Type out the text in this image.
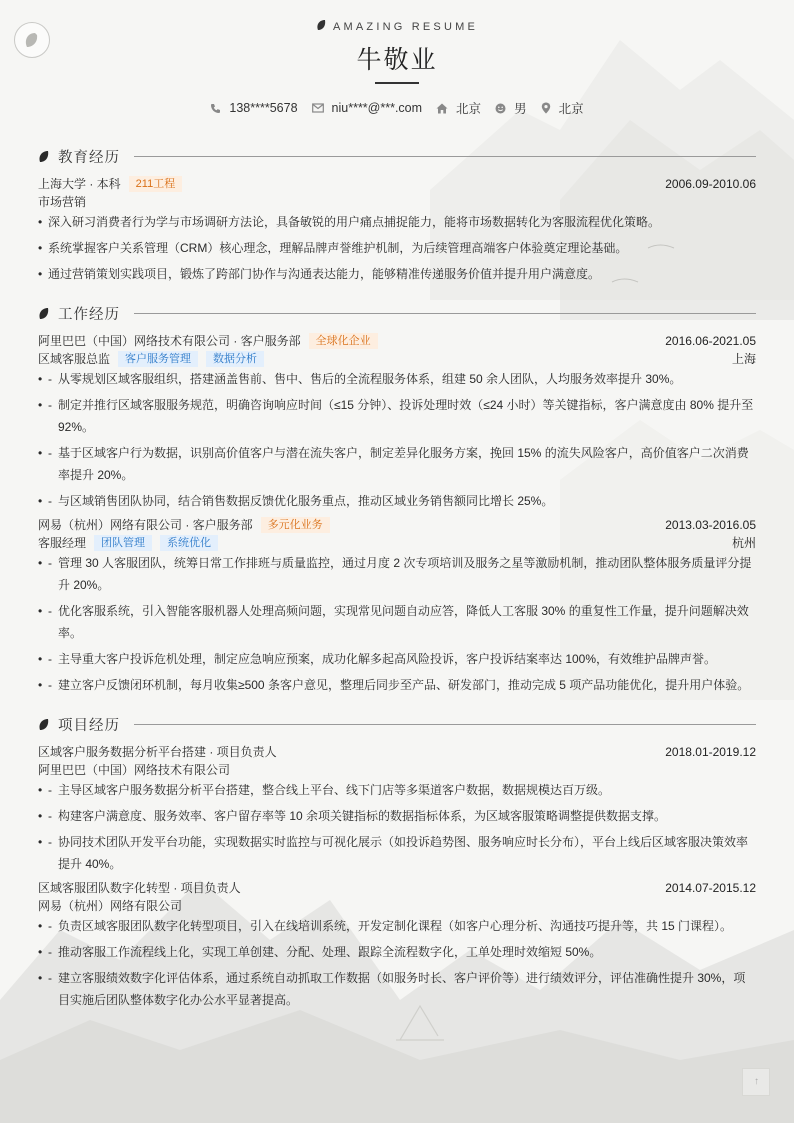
AMAZING RESUME
牛敬业
138****5678	niu****@***.com	北京	男	北京
教育经历
上海大学 · 本科	211工程	2006.09-2010.06
市场营销
• 深入研习消费者行为学与市场调研方法论，具备敏锐的用户痛点捕捉能力，能将市场数据转化为客服流程优化策略。
• 系统掌握客户关系管理（CRM）核心理念，理解品牌声誉维护机制，为后续管理高端客户体验奠定理论基础。
• 通过营销策划实践项目，锻炼了跨部门协作与沟通表达能力，能够精准传递服务价值并提升用户满意度。
工作经历
阿里巴巴（中国）网络技术有限公司 · 客户服务部	全球化企业	2016.06-2021.05
区域客服总监	客户服务管理	数据分析	上海
• - 从零规划区域客服组织，搭建涵盖售前、售中、售后的全流程服务体系，组建 50 余人团队，人均服务效率提升 30%。
• - 制定并推行区域客服服务规范，明确咨询响应时间（≤15 分钟）、投诉处理时效（≤24 小时）等关键指标，客户满意度由 80% 提升至 92%。
• - 基于区域客户行为数据，识别高价值客户与潜在流失客户，制定差异化服务方案，挽回 15% 的流失风险客户，高价值客户二次消费率提升 20%。
• - 与区域销售团队协同，结合销售数据反馈优化服务重点，推动区域业务销售额同比增长 25%。
网易（杭州）网络有限公司 · 客户服务部	多元化业务	2013.03-2016.05
客服经理	团队管理	系统优化	杭州
• - 管理 30 人客服团队，统筹日常工作排班与质量监控，通过月度 2 次专项培训及服务之星等激励机制，推动团队整体服务质量评分提升 20%。
• - 优化客服系统，引入智能客服机器人处理高频问题，实现常见问题自动应答，降低人工客服 30% 的重复性工作量，提升问题解决效率。
• - 主导重大客户投诉危机处理，制定应急响应预案，成功化解多起高风险投诉，客户投诉结案率达 100%，有效维护品牌声誉。
• - 建立客户反馈闭环机制，每月收集≥500 条客户意见，整理后同步至产品、研发部门，推动完成 5 项产品功能优化，提升用户体验。
项目经历
区域客户服务数据分析平台搭建 · 项目负责人	2018.01-2019.12
阿里巴巴（中国）网络技术有限公司
• - 主导区域客户服务数据分析平台搭建，整合线上平台、线下门店等多渠道客户数据，数据规模达百万级。
• - 构建客户满意度、服务效率、客户留存率等 10 余项关键指标的数据指标体系，为区域客服策略调整提供数据支撑。
• - 协同技术团队开发平台功能，实现数据实时监控与可视化展示（如投诉趋势图、服务响应时长分布），平台上线后区域客服决策效率提升 40%。
区域客服团队数字化转型 · 项目负责人	2014.07-2015.12
网易（杭州）网络有限公司
• - 负责区域客服团队数字化转型项目，引入在线培训系统，开发定制化课程（如客户心理分析、沟通技巧提升等，共 15 门课程）。
• - 推动客服工作流程线上化，实现工单创建、分配、处理、跟踪全流程数字化，工单处理时效缩短 50%。
• - 建立客服绩效数字化评估体系，通过系统自动抓取工作数据（如服务时长、客户评价等）进行绩效评分，评估准确性提升 30%，项目实施后团队整体数字化办公水平显著提高。
↑
